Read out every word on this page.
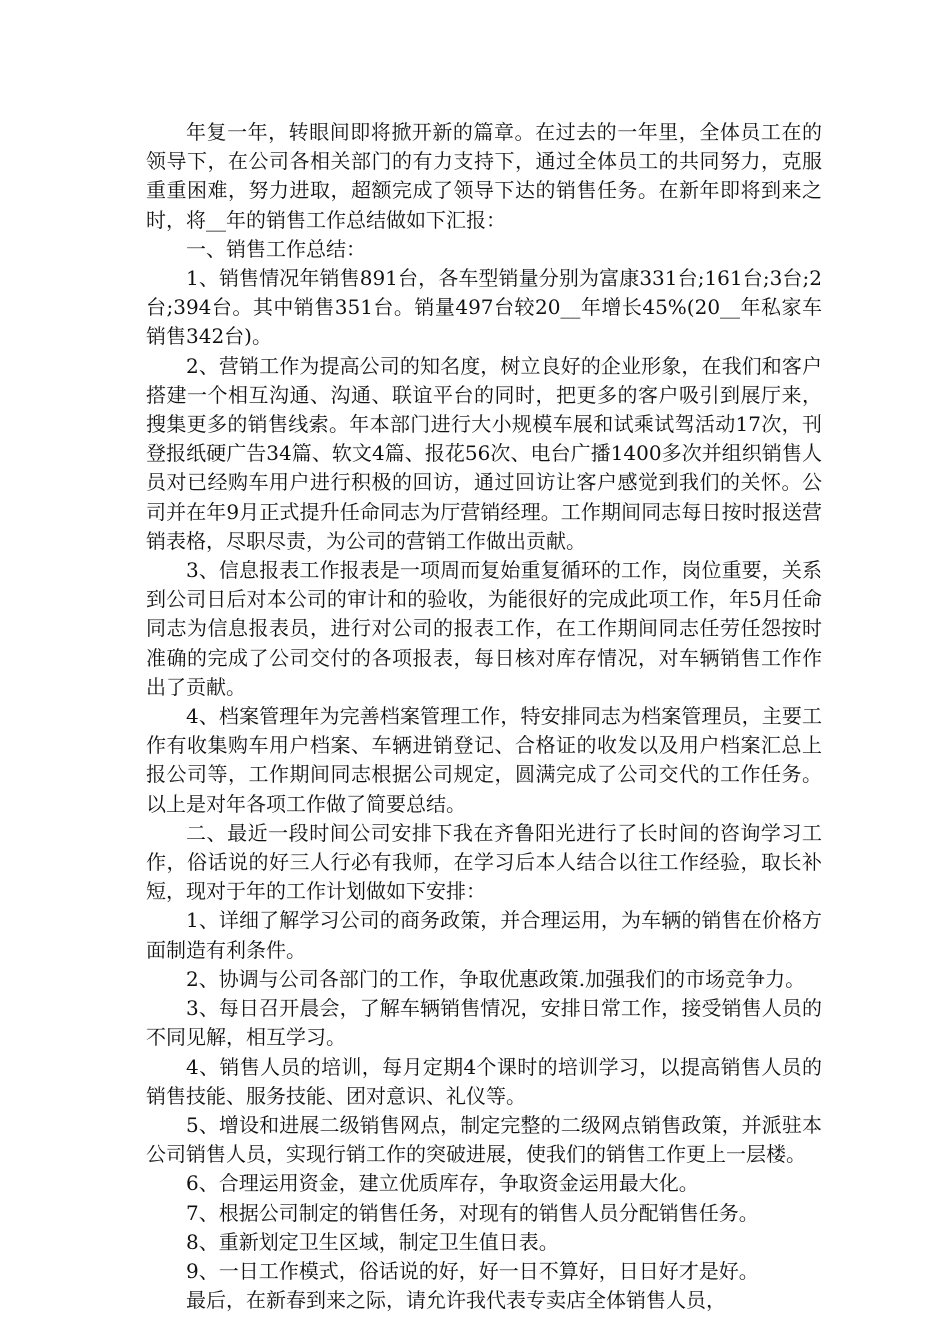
年复一年，转眼间即将掀开新的篇章。在过去的一年里，全体员工在的领导下，在公司各相关部门的有力支持下，通过全体员工的共同努力，克服重重困难，努力进取，超额完成了领导下达的销售任务。在新年即将到来之时，将__年的销售工作总结做如下汇报：

一、销售工作总结：

1、销售情况年销售891台，各车型销量分别为富康331台;161台;3台;2台;394台。其中销售351台。销量497台较20__年增长45%(20__年私家车销售342台)。

2、营销工作为提高公司的知名度，树立良好的企业形象，在我们和客户搭建一个相互沟通、沟通、联谊平台的同时，把更多的客户吸引到展厅来，搜集更多的销售线索。年本部门进行大小规模车展和试乘试驾活动17次，刊登报纸硬广告34篇、软文4篇、报花56次、电台广播1400多次并组织销售人员对已经购车用户进行积极的回访，通过回访让客户感觉到我们的关怀。公司并在年9月正式提升任命同志为厅营销经理。工作期间同志每日按时报送营销表格，尽职尽责，为公司的营销工作做出贡献。

3、信息报表工作报表是一项周而复始重复循环的工作，岗位重要，关系到公司日后对本公司的审计和的验收，为能很好的完成此项工作，年5月任命同志为信息报表员，进行对公司的报表工作，在工作期间同志任劳任怨按时准确的完成了公司交付的各项报表，每日核对库存情况，对车辆销售工作作出了贡献。

4、档案管理年为完善档案管理工作，特安排同志为档案管理员，主要工作有收集购车用户档案、车辆进销登记、合格证的收发以及用户档案汇总上报公司等，工作期间同志根据公司规定，圆满完成了公司交代的工作任务。以上是对年各项工作做了简要总结。

二、最近一段时间公司安排下我在齐鲁阳光进行了长时间的咨询学习工作，俗话说的好三人行必有我师，在学习后本人结合以往工作经验，取长补短，现对于年的工作计划做如下安排：

1、详细了解学习公司的商务政策，并合理运用，为车辆的销售在价格方面制造有利条件。

2、协调与公司各部门的工作，争取优惠政策.加强我们的市场竞争力。

3、每日召开晨会，了解车辆销售情况，安排日常工作，接受销售人员的不同见解，相互学习。

4、销售人员的培训，每月定期4个课时的培训学习，以提高销售人员的销售技能、服务技能、团对意识、礼仪等。

5、增设和进展二级销售网点，制定完整的二级网点销售政策，并派驻本公司销售人员，实现行销工作的突破进展，使我们的销售工作更上一层楼。

6、合理运用资金，建立优质库存，争取资金运用最大化。

7、根据公司制定的销售任务，对现有的销售人员分配销售任务。

8、重新划定卫生区域，制定卫生值日表。

9、一日工作模式，俗话说的好，好一日不算好，日日好才是好。

最后，在新春到来之际，请允许我代表专卖店全体销售人员，
